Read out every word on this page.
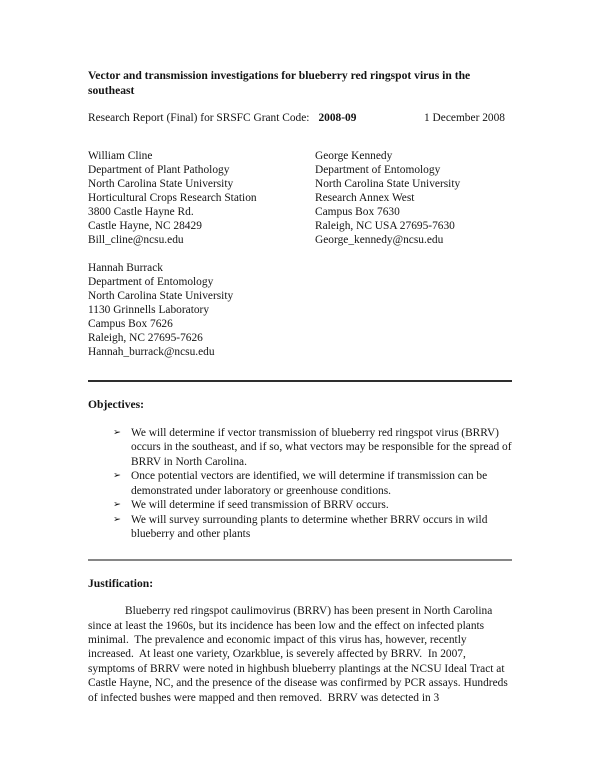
Vector and transmission investigations for blueberry red ringspot virus in the southeast
Research Report (Final) for SRSFC Grant Code: 2008-09	1 December 2008
William Cline
Department of Plant Pathology
North Carolina State University
Horticultural Crops Research Station
3800 Castle Hayne Rd.
Castle Hayne, NC 28429
Bill_cline@ncsu.edu
George Kennedy
Department of Entomology
North Carolina State University
Research Annex West
Campus Box 7630
Raleigh, NC USA 27695-7630
George_kennedy@ncsu.edu
Hannah Burrack
Department of Entomology
North Carolina State University
1130 Grinnells Laboratory
Campus Box 7626
Raleigh, NC 27695-7626
Hannah_burrack@ncsu.edu
Objectives:
➢ We will determine if vector transmission of blueberry red ringspot virus (BRRV) occurs in the southeast, and if so, what vectors may be responsible for the spread of BRRV in North Carolina.
➢ Once potential vectors are identified, we will determine if transmission can be demonstrated under laboratory or greenhouse conditions.
➢ We will determine if seed transmission of BRRV occurs.
➢ We will survey surrounding plants to determine whether BRRV occurs in wild blueberry and other plants
Justification:

Blueberry red ringspot caulimovirus (BRRV) has been present in North Carolina since at least the 1960s, but its incidence has been low and the effect on infected plants minimal.  The prevalence and economic impact of this virus has, however, recently increased.  At least one variety, Ozarkblue, is severely affected by BRRV.  In 2007, symptoms of BRRV were noted in highbush blueberry plantings at the NCSU Ideal Tract at Castle Hayne, NC, and the presence of the disease was confirmed by PCR assays. Hundreds of infected bushes were mapped and then removed.  BRRV was detected in 3
